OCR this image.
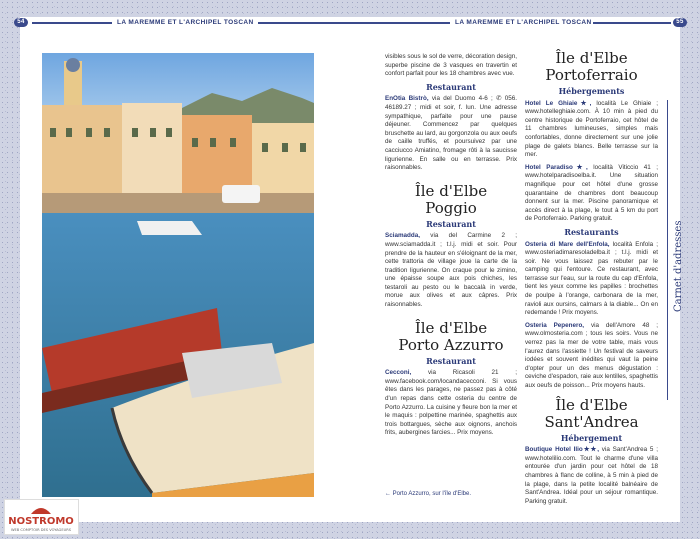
54	LA MAREMME ET L'ARCHIPEL TOSCAN	LA MAREMME ET L'ARCHIPEL TOSCAN	55

visibles sous le sol de verre, décoration design, superbe piscine de 3 vasques en travertin et confort parfait pour les 18 chambres avec vue.

Restaurant

EnOtia Bistrò, via del Duomo 4-6 ; ✆ 056. 46189.27 ; midi et soir, f. lun. Une adresse sympathique, parfaite pour une pause déjeuner. Commencez par quelques bruschette au lard, au gorgonzola ou aux oeufs de caille truffés, et poursuivez par une cacciucco Amiatino, fromage rôti à la saucisse ligurienne. En salle ou en terrasse. Prix raisonnables.

Île d'Elbe
Poggio
Restaurant

Sciamadda, via del Carmine 2 ; www.sciamadda.it ; t.l.j. midi et soir. Pour prendre de la hauteur en s'éloignant de la mer, cette trattoria de village joue la carte de la tradition ligurienne. On craque pour le zimino, une épaisse soupe aux pois chiches, les testaroli au pesto ou le baccalà in verde, morue aux olives et aux câpres. Prix raisonnables.

Île d'Elbe
Porto Azzurro
Restaurant

Cecconi, via Ricasoli 21 ; www.facebook.com/locandacecconi. Si vous êtes dans les parages, ne passez pas à côté d'un repas dans cette osteria du centre de Porto Azzurro. La cuisine y fleure bon la mer et le maquis : polpettine marinée, spaghettis aux trois bottargues, sèche aux oignons, anchois frits, aubergines farcies... Prix moyens.

Île d'Elbe
Portoferraio
Hébergements

Hotel Le Ghiaie★, località Le Ghiaie ; www.hotelleghiaie.com. À 10 min à pied du centre historique de Portoferraio, cet hôtel de 11 chambres lumineuses, simples mais confortables, donne directement sur une jolie plage de galets blancs. Belle terrasse sur la mer.

Hotel Paradiso★, località Viticcio 41 ; www.hotelparadisoelba.it. Une situation magnifique pour cet hôtel d'une grosse quarantaine de chambres dont beaucoup donnent sur la mer. Piscine panoramique et accès direct à la plage, le tout à 5 km du port de Portoferraio. Parking gratuit.

Restaurants

Osteria di Mare dell'Enfola, località Enfola ; www.osteriadimaresoladelba.it ; t.l.j. midi et soir. Ne vous laissez pas rebuter par le camping qui l'entoure. Ce restaurant, avec terrasse sur l'eau, sur la route du cap d'Enfola, tient les yeux comme les papilles : brochettes de poulpe à l'orange, carbonara de la mer, ravioli aux oursins, calmars à la diable... On en redemande ! Prix moyens.

Osteria Pepenero, via dell'Amore 48 ; www.olmosteria.com ; tous les soirs. Vous ne verrez pas la mer de votre table, mais vous l'aurez dans l'assiette ! Un festival de saveurs iodées et souvent inédites qui vaut la peine d'opter pour un des menus dégustation : ceviche d'espadon, raie aux lentilles, spaghettis aux oeufs de poisson... Prix moyens hauts.

Île d'Elbe
Sant'Andrea
Hébergement

Boutique Hotel Ilio★★, via Sant'Andrea 5 ; www.hotelilio.com. Tout le charme d'une villa entourée d'un jardin pour cet hôtel de 18 chambres à flanc de colline, à 5 min à pied de la plage, dans la petite localité balnéaire de Sant'Andrea. Idéal pour un séjour romantique. Parking gratuit.

← Porto Azzurro, sur l'île d'Elbe.
Carnet d'adresses
NOSTROMO
WEB COMPTOIR DES VOYAGEURS
